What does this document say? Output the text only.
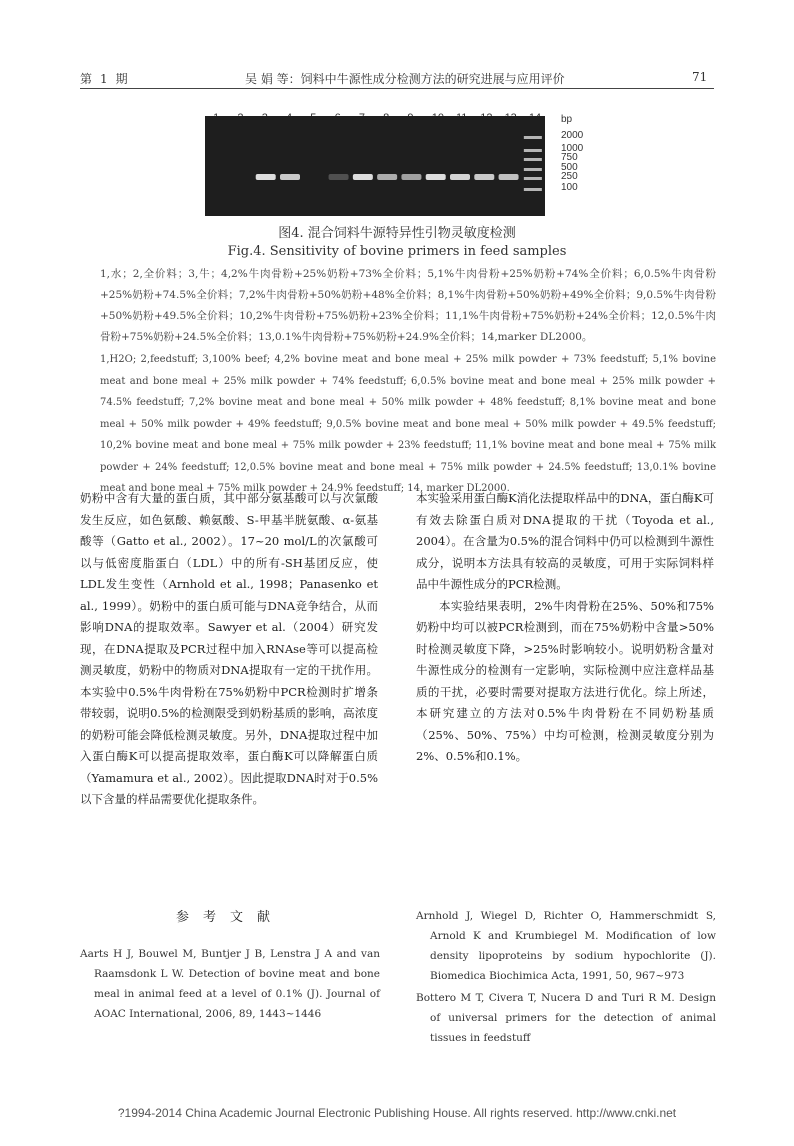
第1期	吴 娟 等：饲料中牛源性成分检测方法的研究进展与应用评价	71
bp
2000
1000
750
500
250
100
图4. 混合饲料牛源特异性引物灵敏度检测
Fig.4. Sensitivity of bovine primers in feed samples
1,水；2,全价料；3,牛；4,2%牛肉骨粉+25%奶粉+73%全价料；5,1%牛肉骨粉+25%奶粉+74%全价料；6,0.5%牛肉骨粉+25%奶粉+74.5%全价料；7,2%牛肉骨粉+50%奶粉+48%全价料；8,1%牛肉骨粉+50%奶粉+49%全价料；9,0.5%牛肉骨粉+50%奶粉+49.5%全价料；10,2%牛肉骨粉+75%奶粉+23%全价料；11,1%牛肉骨粉+75%奶粉+24%全价料；12,0.5%牛肉骨粉+75%奶粉+24.5%全价料；13,0.1%牛肉骨粉+75%奶粉+24.9%全价料；14,marker DL2000。
1,H2O; 2,feedstuff; 3,100% beef; 4,2% bovine meat and bone meal + 25% milk powder + 73% feedstuff; 5,1% bovine meat and bone meal + 25% milk powder + 74% feedstuff; 6,0.5% bovine meat and bone meal + 25% milk powder + 74.5% feedstuff; 7,2% bovine meat and bone meal + 50% milk powder + 48% feedstuff; 8,1% bovine meat and bone meal + 50% milk powder + 49% feedstuff; 9,0.5% bovine meat and bone meal + 50% milk powder + 49.5% feedstuff; 10,2% bovine meat and bone meal + 75% milk powder + 23% feedstuff; 11,1% bovine meat and bone meal + 75% milk powder + 24% feedstuff; 12,0.5% bovine meat and bone meal + 75% milk powder + 24.5% feedstuff; 13,0.1% bovine meat and bone meal + 75% milk powder + 24.9% feedstuff; 14, marker DL2000.

奶粉中含有大量的蛋白质，其中部分氨基酸可以与次氯酸发生反应，如色氨酸、赖氨酸、S-甲基半胱氨酸、α-氨基酸等（Gatto et al., 2002）。17~20 mol/L的次氯酸可以与低密度脂蛋白（LDL）中的所有-SH基团反应，使LDL发生变性（Arnhold et al., 1998；Panasenko et al., 1999）。奶粉中的蛋白质可能与DNA竞争结合，从而影响DNA的提取效率。Sawyer et al.（2004）研究发现，在DNA提取及PCR过程中加入RNAse等可以提高检测灵敏度，奶粉中的物质对DNA提取有一定的干扰作用。本实验中0.5%牛肉骨粉在75%奶粉中PCR检测时扩增条带较弱，说明0.5%的检测限受到奶粉基质的影响，高浓度的奶粉可能会降低检测灵敏度。另外，DNA提取过程中加入蛋白酶K可以提高提取效率，蛋白酶K可以降解蛋白质（Yamamura et al., 2002）。因此提取DNA时对于0.5%以下含量的样品需要优化提取条件。

本实验采用蛋白酶K消化法提取样品中的DNA，蛋白酶K可有效去除蛋白质对DNA提取的干扰（Toyoda et al., 2004）。在含量为0.5%的混合饲料中仍可以检测到牛源性成分，说明本方法具有较高的灵敏度，可用于实际饲料样品中牛源性成分的PCR检测。

本实验结果表明，2%牛肉骨粉在25%、50%和75%奶粉中均可以被PCR检测到，而在75%奶粉中含量>50%时检测灵敏度下降，>25%时影响较小。说明奶粉含量对牛源性成分的检测有一定影响，实际检测中应注意样品基质的干扰，必要时需要对提取方法进行优化。综上所述，本研究建立的方法对0.5%牛肉骨粉在不同奶粉基质（25%、50%、75%）中均可检测，检测灵敏度分别为2%、0.5%和0.1%。

参考文献

Aarts H J, Bouwel M, Buntjer J B, Lenstra J A and van Raamsdonk L W. Detection of bovine meat and bone meal in animal feed at a level of 0.1% (J). Journal of AOAC International, 2006, 89, 1443~1446

Arnhold J, Wiegel D, Richter O, Hammerschmidt S, Arnold K and Krumbiegel M. Modification of low density lipoproteins by sodium hypochlorite (J). Biomedica Biochimica Acta, 1991, 50, 967~973

Bottero M T, Civera T, Nucera D and Turi R M. Design of universal primers for the detection of animal tissues in feedstuff

?1994-2014 China Academic Journal Electronic Publishing House. All rights reserved. http://www.cnki.net
